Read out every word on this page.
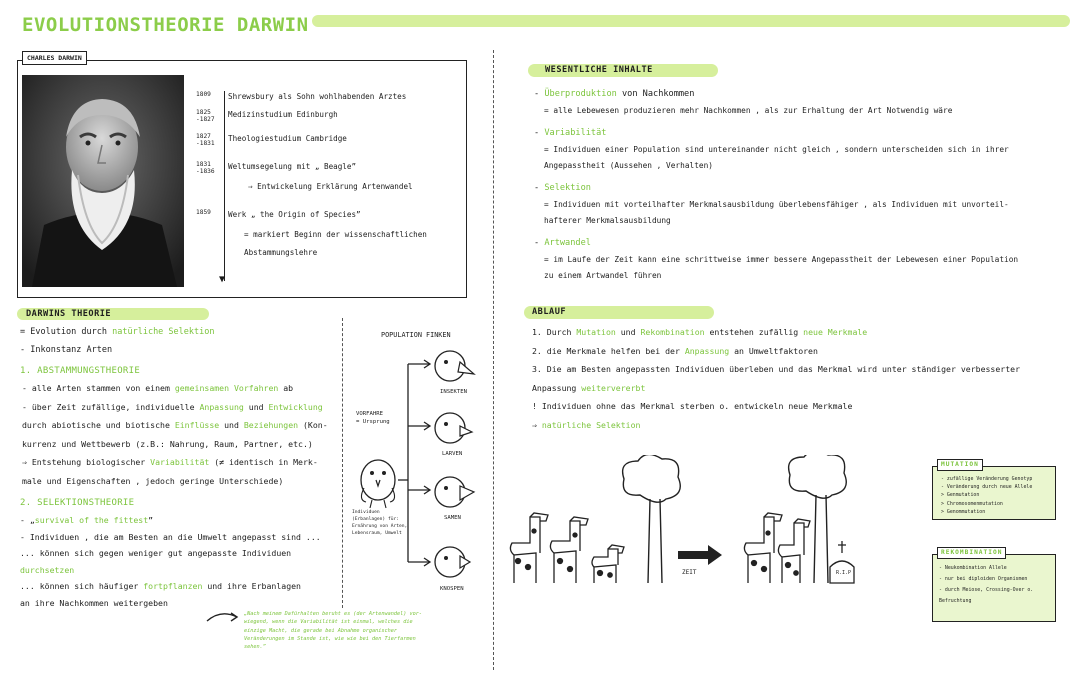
EVOLUTIONSTHEORIE DARWIN
CHARLES DARWIN
▼
1809 Shrewsbury als Sohn wohlhabenden Arztes
1825 -1827Medizinstudium Edinburgh
1827 -1831Theologiestudium Cambridge
1831 -1836Weltumsegelung mit „ Beagle”
⇒ Entwickelung Erklärung Artenwandel
1859 Werk „ the Origin of Species”
= markiert Beginn der wissenschaftlichen
Abstammungslehre
DARWINS THEORIE
= Evolution durch natürliche Selektion
- Inkonstanz Arten
1. ABSTAMMUNGSTHEORIE
- alle Arten stammen von einem gemeinsamen Vorfahren ab
- über Zeit zufällige, individuelle Anpassung und Entwicklung
durch abiotische und biotische Einflüsse und Beziehungen (Kon-
kurrenz und Wettbewerb (z.B.: Nahrung, Raum, Partner, etc.)
⇒ Entstehung biologischer Variabilität (≠ identisch in Merk-
male und Eigenschaften , jedoch geringe Unterschiede)
2. SELEKTIONSTHEORIE
- „survival of the fittest”
- Individuen , die am Besten an die Umwelt angepasst sind ...
... können sich gegen weniger gut angepasste Individuen
durchsetzen
... können sich häufiger fortpflanzen und ihre Erbanlagen
an ihre Nachkommen weitergeben
„Nach meinem Dafürhalten beruht es (der Artenwandel) vor- wiegend, wenn die Variabilität ist einmal, welches die einzige Macht, die gerade bei Abnahme organischer Veränderungen im Stande ist, wie wie bei den Tierfarmen sehen.”
POPULATION FINKEN
VORFAHRE
= Ursprung
INSEKTEN
LARVEN
SAMEN
KNOSPEN
Individuen (Erbanlagen) für: Ernährung von Arten, Lebensraum, Umwelt
WESENTLICHE INHALTE
- Überproduktion von Nachkommen
= alle Lebewesen produzieren mehr Nachkommen , als zur Erhaltung der Art Notwendig wäre
- Variabilität
= Individuen einer Population sind untereinander nicht gleich , sondern unterscheiden sich in ihrer
Angepasstheit (Aussehen , Verhalten)
- Selektion
= Individuen mit vorteilhafter Merkmalsausbildung überlebensfähiger , als Individuen mit unvorteil-
hafterer Merkmalsausbildung
- Artwandel
= im Laufe der Zeit kann eine schrittweise immer bessere Angepasstheit der Lebewesen einer Population
zu einem Artwandel führen
ABLAUF
1. Durch Mutation und Rekombination entstehen zufällig neue Merkmale
2. die Merkmale helfen bei der Anpassung an Umweltfaktoren
3. Die am Besten angepassten Individuen überleben und das Merkmal wird unter ständiger verbesserter
Anpassung weitervererbt
! Individuen ohne das Merkmal sterben o. entwickeln neue Merkmale
⇒ natürliche Selektion
ZEIT	R.I.P
MUTATION
- zufällige Veränderung Genotyp
- Veränderung durch neue Allele
> Genmutation
> Chromosomenmutation
> Genommutation
REKOMBINATION
- Neukombination Allele
- nur bei diploiden Organismen
- durch Meiose, Crossing-Over o.
Befruchtung
